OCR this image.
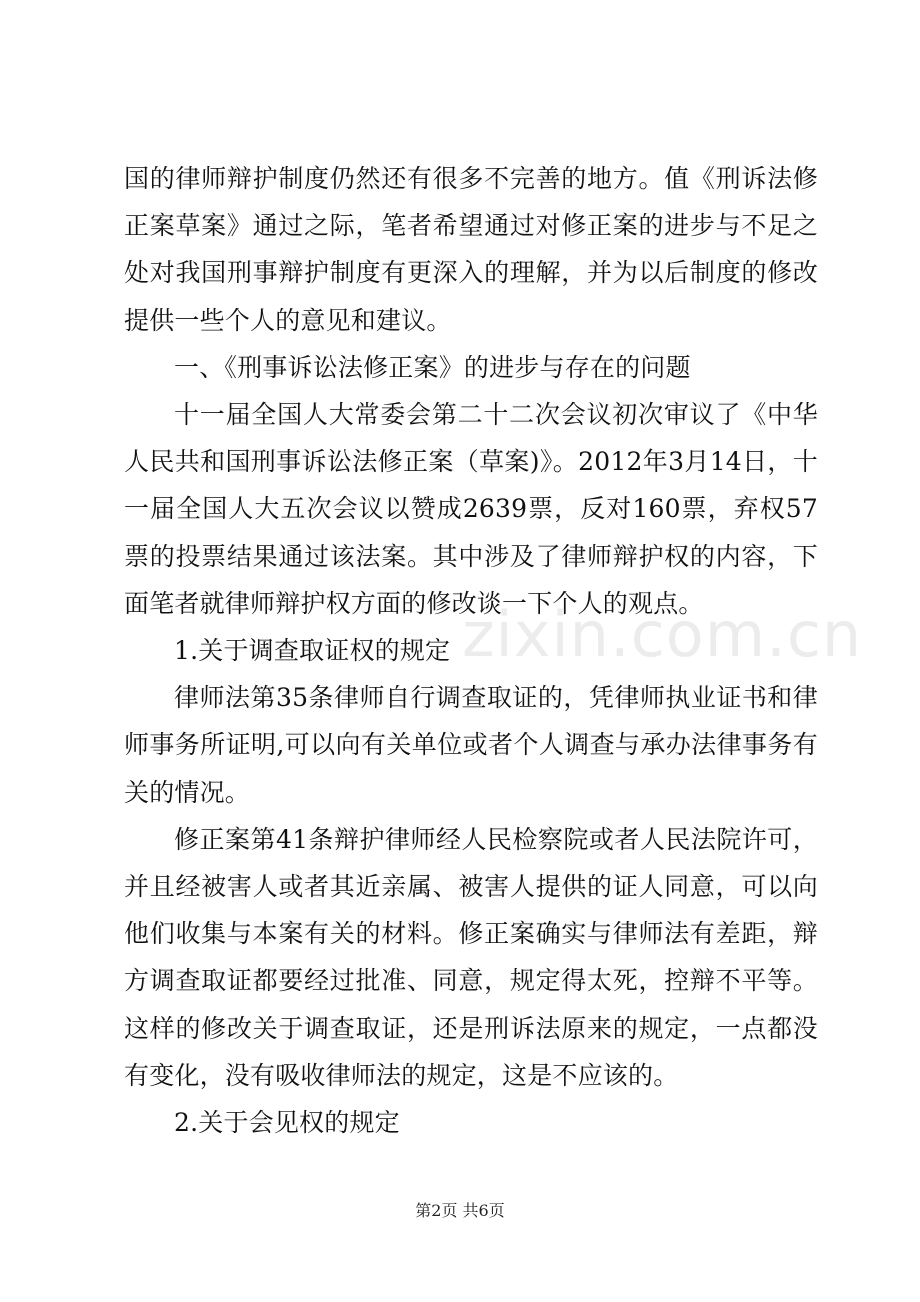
国的律师辩护制度仍然还有很多不完善的地方。值《刑诉法修正案草案》通过之际，笔者希望通过对修正案的进步与不足之处对我国刑事辩护制度有更深入的理解，并为以后制度的修改提供一些个人的意见和建议。

一、《刑事诉讼法修正案》的进步与存在的问题

十一届全国人大常委会第二十二次会议初次审议了《中华人民共和国刑事诉讼法修正案（草案)》。2012年3月14日，十一届全国人大五次会议以赞成2639票，反对160票，弃权57票的投票结果通过该法案。其中涉及了律师辩护权的内容，下面笔者就律师辩护权方面的修改谈一下个人的观点。

1.关于调查取证权的规定

律师法第35条律师自行调查取证的，凭律师执业证书和律师事务所证明,可以向有关单位或者个人调查与承办法律事务有关的情况。

修正案第41条辩护律师经人民检察院或者人民法院许可，并且经被害人或者其近亲属、被害人提供的证人同意，可以向他们收集与本案有关的材料。修正案确实与律师法有差距，辩方调查取证都要经过批准、同意，规定得太死，控辩不平等。这样的修改关于调查取证，还是刑诉法原来的规定，一点都没有变化，没有吸收律师法的规定，这是不应该的。

2.关于会见权的规定

zixin.com.cn
第2页 共6页
